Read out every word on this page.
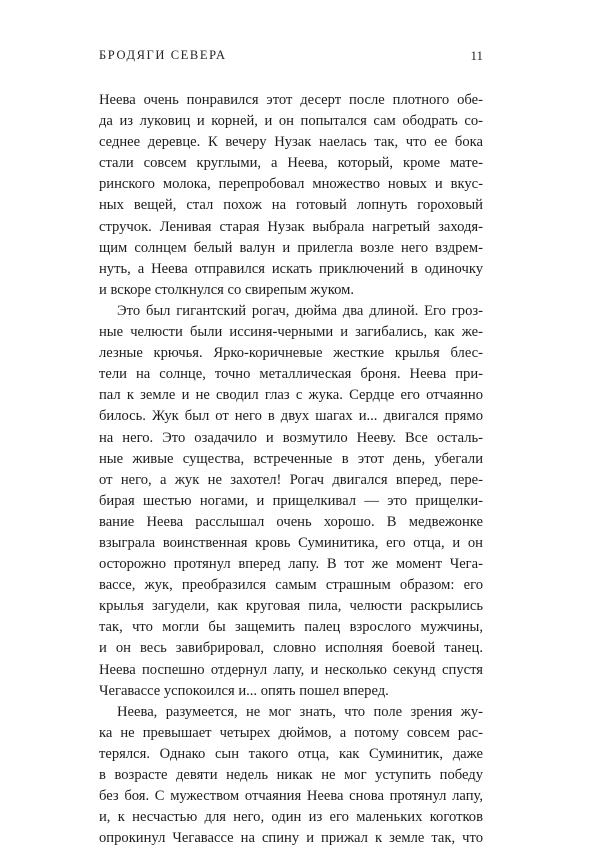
БРОДЯГИ СЕВЕРА	11
Неева очень понравился этот десерт после плотного обе-
да из луковиц и корней, и он попытался сам ободрать со-
седнее деревце. К вечеру Нузак наелась так, что ее бока
стали совсем круглыми, а Неева, который, кроме мате-
ринского молока, перепробовал множество новых и вкус-
ных вещей, стал похож на готовый лопнуть гороховый
стручок. Ленивая старая Нузак выбрала нагретый заходя-
щим солнцем белый валун и прилегла возле него вздрем-
нуть, а Неева отправился искать приключений в одиночку
и вскоре столкнулся со свирепым жуком.
Это был гигантский рогач, дюйма два длиной. Его гроз-
ные челюсти были иссиня-черными и загибались, как же-
лезные крючья. Ярко-коричневые жесткие крылья блес-
тели на солнце, точно металлическая броня. Неева при-
пал к земле и не сводил глаз с жука. Сердце его отчаянно
билось. Жук был от него в двух шагах и... двигался прямо
на него. Это озадачило и возмутило Нееву. Все осталь-
ные живые существа, встреченные в этот день, убегали
от него, а жук не захотел! Рогач двигался вперед, пере-
бирая шестью ногами, и прищелкивал — это прищелки-
вание Неева расслышал очень хорошо. В медвежонке
взыграла воинственная кровь Суминитика, его отца, и он
осторожно протянул вперед лапу. В тот же момент Чега-
вассе, жук, преобразился самым страшным образом: его
крылья загудели, как круговая пила, челюсти раскрылись
так, что могли бы защемить палец взрослого мужчины,
и он весь завибрировал, словно исполняя боевой танец.
Неева поспешно отдернул лапу, и несколько секунд спустя
Чегавассе успокоился и... опять пошел вперед.
Неева, разумеется, не мог знать, что поле зрения жу-
ка не превышает четырех дюймов, а потому совсем рас-
терялся. Однако сын такого отца, как Суминитик, даже
в возрасте девяти недель никак не мог уступить победу
без боя. С мужеством отчаяния Неева снова протянул лапу,
и, к несчастью для него, один из его маленьких коготков
опрокинул Чегавассе на спину и прижал к земле так, что
